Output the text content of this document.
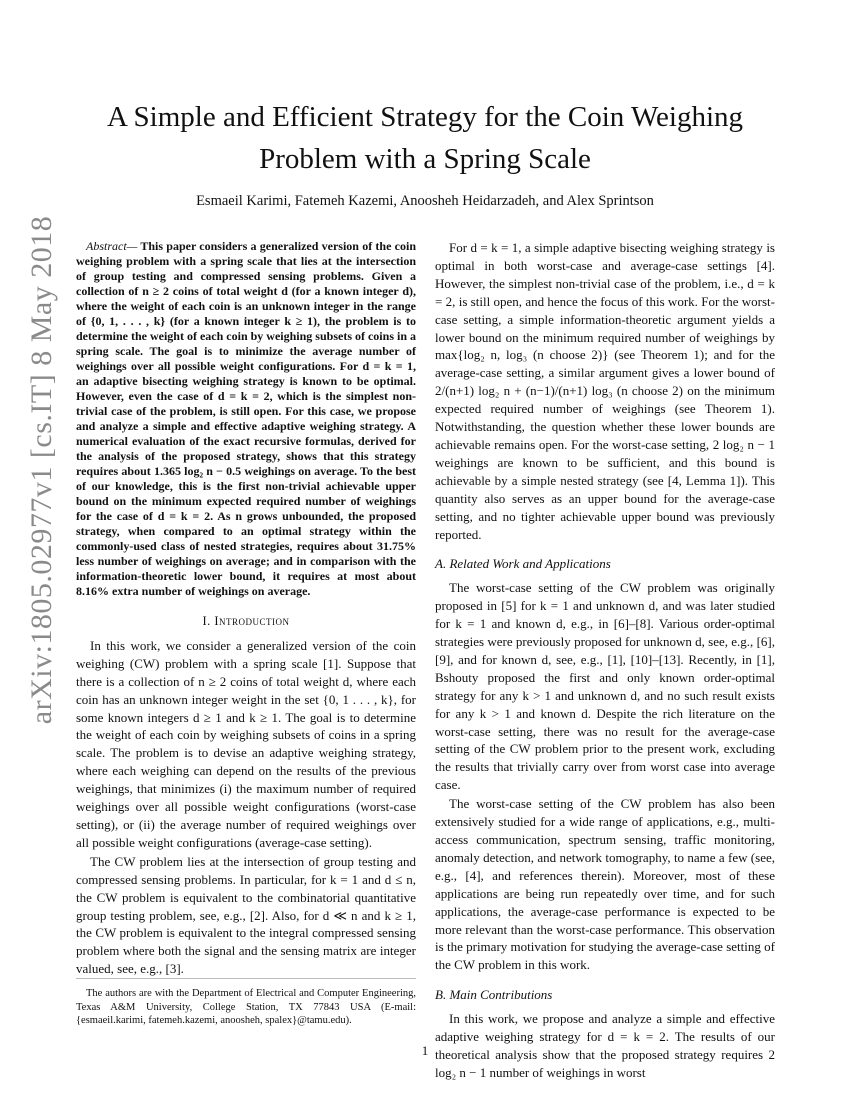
arXiv:1805.02977v1 [cs.IT] 8 May 2018
A Simple and Efficient Strategy for the Coin Weighing Problem with a Spring Scale
Esmaeil Karimi, Fatemeh Kazemi, Anoosheh Heidarzadeh, and Alex Sprintson

Abstract— This paper considers a generalized version of the coin weighing problem with a spring scale that lies at the intersection of group testing and compressed sensing problems. Given a collection of n ≥ 2 coins of total weight d (for a known integer d), where the weight of each coin is an unknown integer in the range of {0, 1, . . . , k} (for a known integer k ≥ 1), the problem is to determine the weight of each coin by weighing subsets of coins in a spring scale. The goal is to minimize the average number of weighings over all possible weight configurations. For d = k = 1, an adaptive bisecting weighing strategy is known to be optimal. However, even the case of d = k = 2, which is the simplest non-trivial case of the problem, is still open. For this case, we propose and analyze a simple and effective adaptive weighing strategy. A numerical evaluation of the exact recursive formulas, derived for the analysis of the proposed strategy, shows that this strategy requires about 1.365 log₂ n − 0.5 weighings on average. To the best of our knowledge, this is the first non-trivial achievable upper bound on the minimum expected required number of weighings for the case of d = k = 2. As n grows unbounded, the proposed strategy, when compared to an optimal strategy within the commonly-used class of nested strategies, requires about 31.75% less number of weighings on average; and in comparison with the information-theoretic lower bound, it requires at most about 8.16% extra number of weighings on average.

I. Introduction

In this work, we consider a generalized version of the coin weighing (CW) problem with a spring scale [1]. Suppose that there is a collection of n ≥ 2 coins of total weight d, where each coin has an unknown integer weight in the set {0, 1 . . . , k}, for some known integers d ≥ 1 and k ≥ 1. The goal is to determine the weight of each coin by weighing subsets of coins in a spring scale. The problem is to devise an adaptive weighing strategy, where each weighing can depend on the results of the previous weighings, that minimizes (i) the maximum number of required weighings over all possible weight configurations (worst-case setting), or (ii) the average number of required weighings over all possible weight configurations (average-case setting).

The CW problem lies at the intersection of group testing and compressed sensing problems. In particular, for k = 1 and d ≤ n, the CW problem is equivalent to the combinatorial quantitative group testing problem, see, e.g., [2]. Also, for d ≪ n and k ≥ 1, the CW problem is equivalent to the integral compressed sensing problem where both the signal and the sensing matrix are integer valued, see, e.g., [3].

For d = k = 1, a simple adaptive bisecting weighing strategy is optimal in both worst-case and average-case settings [4]. However, the simplest non-trivial case of the problem, i.e., d = k = 2, is still open, and hence the focus of this work. For the worst-case setting, a simple information-theoretic argument yields a lower bound on the minimum required number of weighings by max{log₂ n, log₃ (n choose 2)} (see Theorem 1); and for the average-case setting, a similar argument gives a lower bound of 2/(n+1) log₂ n + (n−1)/(n+1) log₃ (n choose 2) on the minimum expected required number of weighings (see Theorem 1). Notwithstanding, the question whether these lower bounds are achievable remains open. For the worst-case setting, 2 log₂ n − 1 weighings are known to be sufficient, and this bound is achievable by a simple nested strategy (see [4, Lemma 1]). This quantity also serves as an upper bound for the average-case setting, and no tighter achievable upper bound was previously reported.

A. Related Work and Applications

The worst-case setting of the CW problem was originally proposed in [5] for k = 1 and unknown d, and was later studied for k = 1 and known d, e.g., in [6]–[8]. Various order-optimal strategies were previously proposed for unknown d, see, e.g., [6], [9], and for known d, see, e.g., [1], [10]–[13]. Recently, in [1], Bshouty proposed the first and only known order-optimal strategy for any k > 1 and unknown d, and no such result exists for any k > 1 and known d. Despite the rich literature on the worst-case setting, there was no result for the average-case setting of the CW problem prior to the present work, excluding the results that trivially carry over from worst case into average case.

The worst-case setting of the CW problem has also been extensively studied for a wide range of applications, e.g., multi-access communication, spectrum sensing, traffic monitoring, anomaly detection, and network tomography, to name a few (see, e.g., [4], and references therein). Moreover, most of these applications are being run repeatedly over time, and for such applications, the average-case performance is expected to be more relevant than the worst-case performance. This observation is the primary motivation for studying the average-case setting of the CW problem in this work.

B. Main Contributions

In this work, we propose and analyze a simple and effective adaptive weighing strategy for d = k = 2. The results of our theoretical analysis show that the proposed strategy requires 2 log₂ n − 1 number of weighings in worst

The authors are with the Department of Electrical and Computer Engineering, Texas A&M University, College Station, TX 77843 USA (E-mail: {esmaeil.karimi, fatemeh.kazemi, anoosheh, spalex}@tamu.edu).

1
